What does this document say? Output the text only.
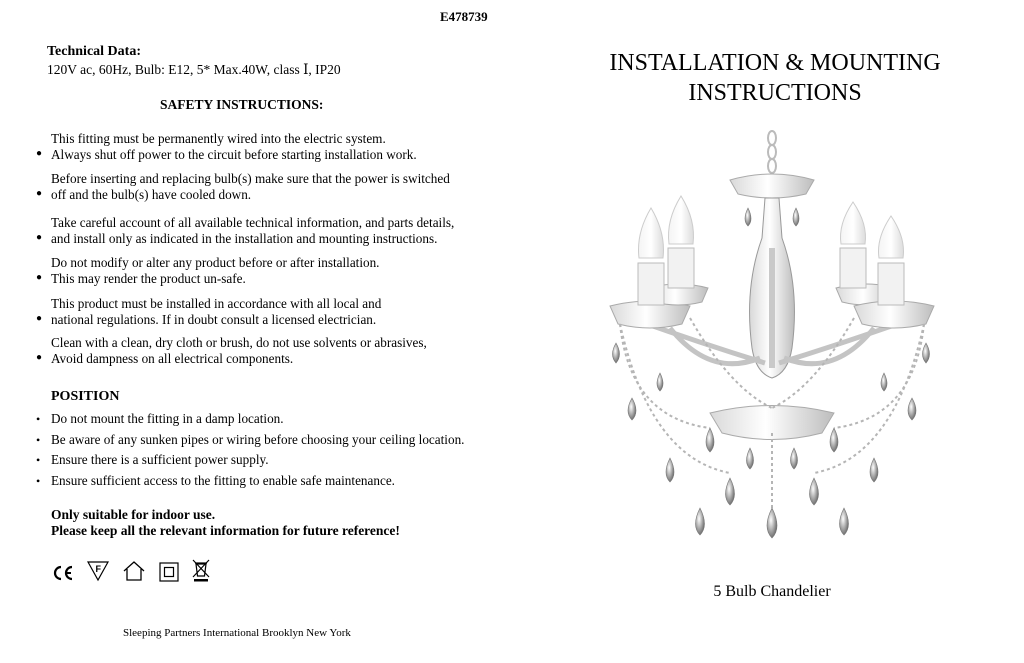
E478739
Technical Data:
120V ac, 60Hz, Bulb: E12, 5* Max.40W, class Ⅰ, IP20
SAFETY INSTRUCTIONS:
●
This fitting must be permanently wired into the electric system.
Always shut off power to the circuit before starting installation work.
●
Before inserting and replacing bulb(s) make sure that the power is switched
off and the bulb(s) have cooled down.
●
Take careful account of all available technical information, and parts details,
and install only as indicated in the installation and mounting instructions.
●
Do not modify or alter any product before or after installation.
This may render the product un-safe.
●
This product must be installed in accordance with all local and
national regulations. If in doubt consult a licensed electrician.
●
Clean with a clean, dry cloth or brush, do not use solvents or abrasives,
Avoid dampness on all electrical components.
POSITION
• Do not mount the fitting in a damp location.
• Be aware of any sunken pipes or wiring before choosing your ceiling location.
• Ensure there is a sufficient power supply.
• Ensure sufficient access to the fitting to enable safe maintenance.
Only suitable for indoor use.
Please keep all the relevant information for future reference!
F
Sleeping Partners International Brooklyn New York
INSTALLATION & MOUNTING
INSTRUCTIONS
5 Bulb Chandelier
